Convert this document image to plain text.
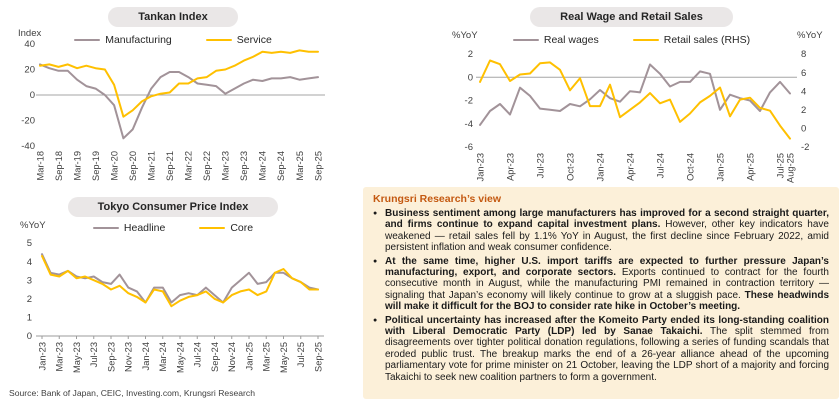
Tankan Index
Manufacturing	Service
Index
40
20
0
-20
-40
Mar-18 Sep-18 Mar-19 Sep-19 Mar-20 Sep-20 Mar-21 Sep-21 Mar-22 Sep-22 Mar-23 Sep-23 Mar-24 Sep-24 Mar-25 Sep-25
Real Wage and Retail Sales
Real wages	Retail sales (RHS)
%YoY	%YoY
2
0
-2
-4
-6
8
6
4
2
0
-2
Jan-23 Apr-23 Jul-23 Oct-23 Jan-24 Apr-24 Jul-24 Oct-24 Jan-25 Apr-25 Jul-25 Aug-25
Tokyo Consumer Price Index
Headline	Core
%YoY
5
4
3
2
1
0
Jan-23 Mar-23 May-23 Jul-23 Sep-23 Nov-23 Jan-24 Mar-24 May-24 Jul-24 Sep-24 Nov-24 Jan-25 Mar-25 May-25 Jul-25 Sep-25
Source: Bank of Japan, CEIC, Investing.com, Krungsri Research
Krungsri Research’s view
● Business sentiment among large manufacturers has improved for a second straight quarter, and firms continue to expand capital investment plans. However, other key indicators have weakened — retail sales fell by 1.1% YoY in August, the first decline since February 2022, amid persistent inflation and weak consumer confidence.
● At the same time, higher U.S. import tariffs are expected to further pressure Japan’s manufacturing, export, and corporate sectors. Exports continued to contract for the fourth consecutive month in August, while the manufacturing PMI remained in contraction territory — signaling that Japan’s economy will likely continue to grow at a sluggish pace. These headwinds will make it difficult for the BOJ to consider rate hike in October’s meeting.
● Political uncertainty has increased after the Komeito Party ended its long-standing coalition with Liberal Democratic Party (LDP) led by Sanae Takaichi. The split stemmed from disagreements over tighter political donation regulations, following a series of funding scandals that eroded public trust. The breakup marks the end of a 26-year alliance ahead of the upcoming parliamentary vote for prime minister on 21 October, leaving the LDP short of a majority and forcing Takaichi to seek new coalition partners to form a government.
